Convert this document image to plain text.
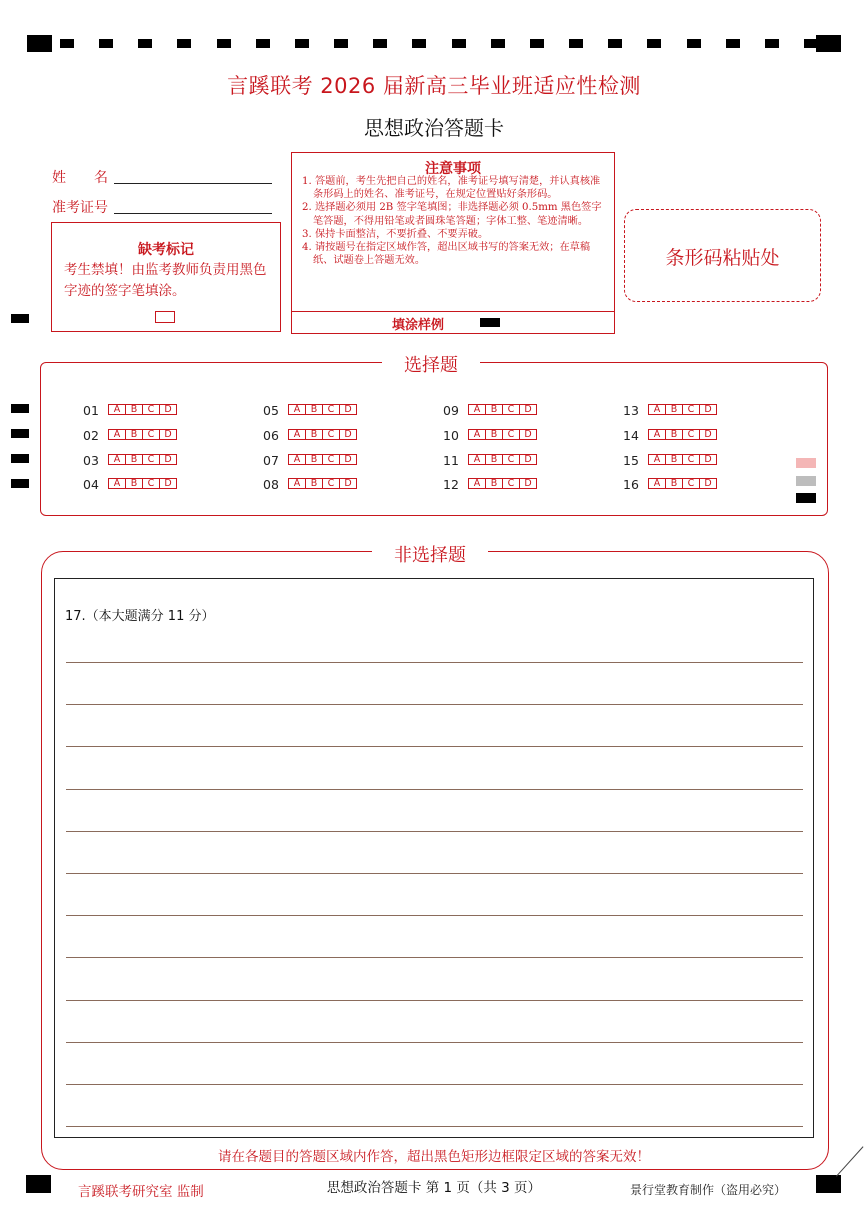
言蹊联考 2026 届新高三毕业班适应性检测
思想政治答题卡
姓　　名
准考证号
缺考标记
考生禁填！由监考教师负责用黑色字迹的签字笔填涂。
注意事项
1. 答题前，考生先把自己的姓名，准考证号填写清楚，并认真核准条形码上的姓名、准考证号，在规定位置贴好条形码。
2. 选择题必须用 2B 签字笔填图；非选择题必须 0.5mm 黑色签字笔答题，不得用铅笔或者圆珠笔答题；字体工整、笔迹清晰。
3. 保持卡面整洁，不要折叠、不要弄破。
4. 请按题号在指定区域作答，超出区域书写的答案无效；在草稿纸、试题卷上答题无效。
填涂样例
条形码粘贴处
选择题
01	A	B	C	D
02	A	B	C	D
03	A	B	C	D
04	A	B	C	D
05	A	B	C	D
06	A	B	C	D
07	A	B	C	D
08	A	B	C	D
09	A	B	C	D
10	A	B	C	D
11	A	B	C	D
12	A	B	C	D
13	A	B	C	D
14	A	B	C	D
15	A	B	C	D
16	A	B	C	D
非选择题
17.（本大题满分 11 分）
请在各题目的答题区域内作答，超出黑色矩形边框限定区域的答案无效！
言蹊联考研究室 监制	思想政治答题卡 第 1 页（共 3 页）	景行堂教育制作（盗用必究）
